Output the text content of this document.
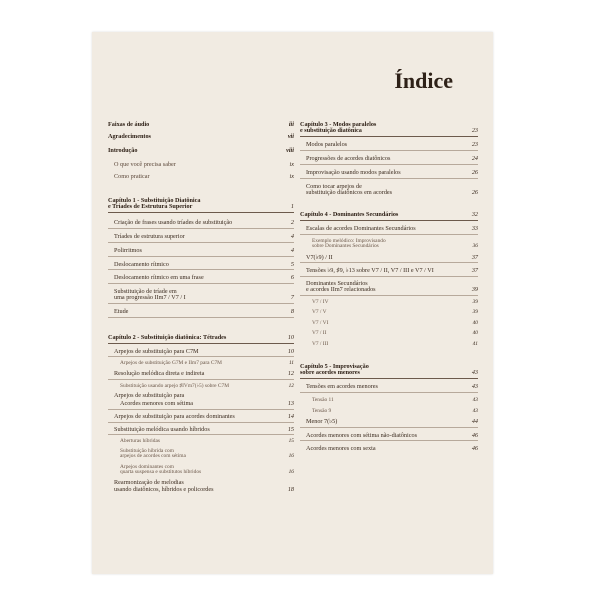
Índice
Faixas de áudio	iii
Agradecimentos	vii
Introdução	viii
O que você precisa saber	ix
Como praticar	ix
Capítulo 1 - Substituição Diatônica
e Tríades de Estrutura Superior	1
Criação de frases usando tríades de substituição	2
Tríades de estrutura superior	4
Polirritmos	4
Deslocamento rítmico	5
Deslocamento rítmico em uma frase	6
Substituição de tríade em
uma progressão IIm7 / V7 / I	7
Etude	8
Capítulo 2 - Substituição diatônica: Tétrades	10
Arpejos de substituição para C7M	10
Arpejos de substituição G7M e IIm7 para C7M	11
Resolução melódica direta e indireta	12
Substituição usando arpejo ♯IVm7(♭5) sobre C7M	12
Arpejos de substituição para
Acordes menores com sétima	13
Arpejos de substituição para acordes dominantes	14
Substituição melódica usando híbridos	15
Aberturas híbridas	15
Substituição híbrida com
arpejos de acordes com sétima	16
Arpejos dominantes com
quarta suspensa e substitutos híbridos	16
Rearmonização de melodias
usando diatônicos, híbridos e policordes	18
Capítulo 3 - Modos paralelos
e substituição diatônica	23
Modos paralelos	23
Progressões de acordes diatônicos	24
Improvisação usando modos paralelos	26
Como tocar arpejos de
substituição diatônicos em acordes	26
Capítulo 4 - Dominantes Secundários	32
Escalas de acordes Dominantes Secundários	33
Exemplo melódico: Improvisando
sobre Dominantes Secundários	36
V7(♭9) / II	37
Tensões ♭9, ♯9, ♭13 sobre V7 / II, V7 / III e V7 / VI	37
Dominantes Secundários
e acordes IIm7 relacionados	39
V7 / IV	39
V7 / V	39
V7 / VI	40
V7 / II	40
V7 / III	41
Capítulo 5 - Improvisação
sobre acordes menores	43
Tensões em acordes menores	43
Tensão 11	43
Tensão 9	43
Menor 7(♭5)	44
Acordes menores com sétima não-diatônicos	46
Acordes menores com sexta	46
